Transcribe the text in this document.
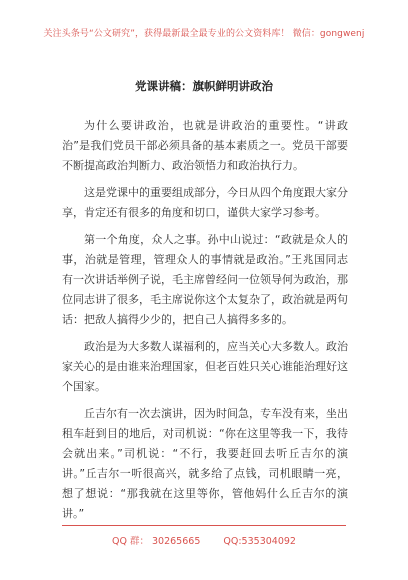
关注头条号“公文研究”，获得最新最全最专业的公文资料库！ 微信：gongwenj
党课讲稿：旗帜鲜明讲政治

为什么要讲政治，也就是讲政治的重要性。“讲政治”是我们党员干部必须具备的基本素质之一。党员干部要不断提高政治判断力、政治领悟力和政治执行力。

这是党课中的重要组成部分，今日从四个角度跟大家分享，肯定还有很多的角度和切口，谨供大家学习参考。

第一个角度，众人之事。孙中山说过：“政就是众人的事，治就是管理，管理众人的事情就是政治。”王兆国同志有一次讲话举例子说，毛主席曾经问一位领导何为政治，那位同志讲了很多，毛主席说你这个太复杂了，政治就是两句话：把敌人搞得少少的，把自己人搞得多多的。

政治是为大多数人谋福利的，应当关心大多数人。政治家关心的是由谁来治理国家，但老百姓只关心谁能治理好这个国家。

丘吉尔有一次去演讲，因为时间急，专车没有来，坐出租车赶到目的地后，对司机说：“你在这里等我一下，我待会就出来。”司机说：“不行，我要赶回去听丘吉尔的演讲。”丘吉尔一听很高兴，就多给了点钱，司机眼睛一亮，想了想说：“那我就在这里等你，管他妈什么丘吉尔的演讲。”

QQ 群： 30265665 QQ:535304092
